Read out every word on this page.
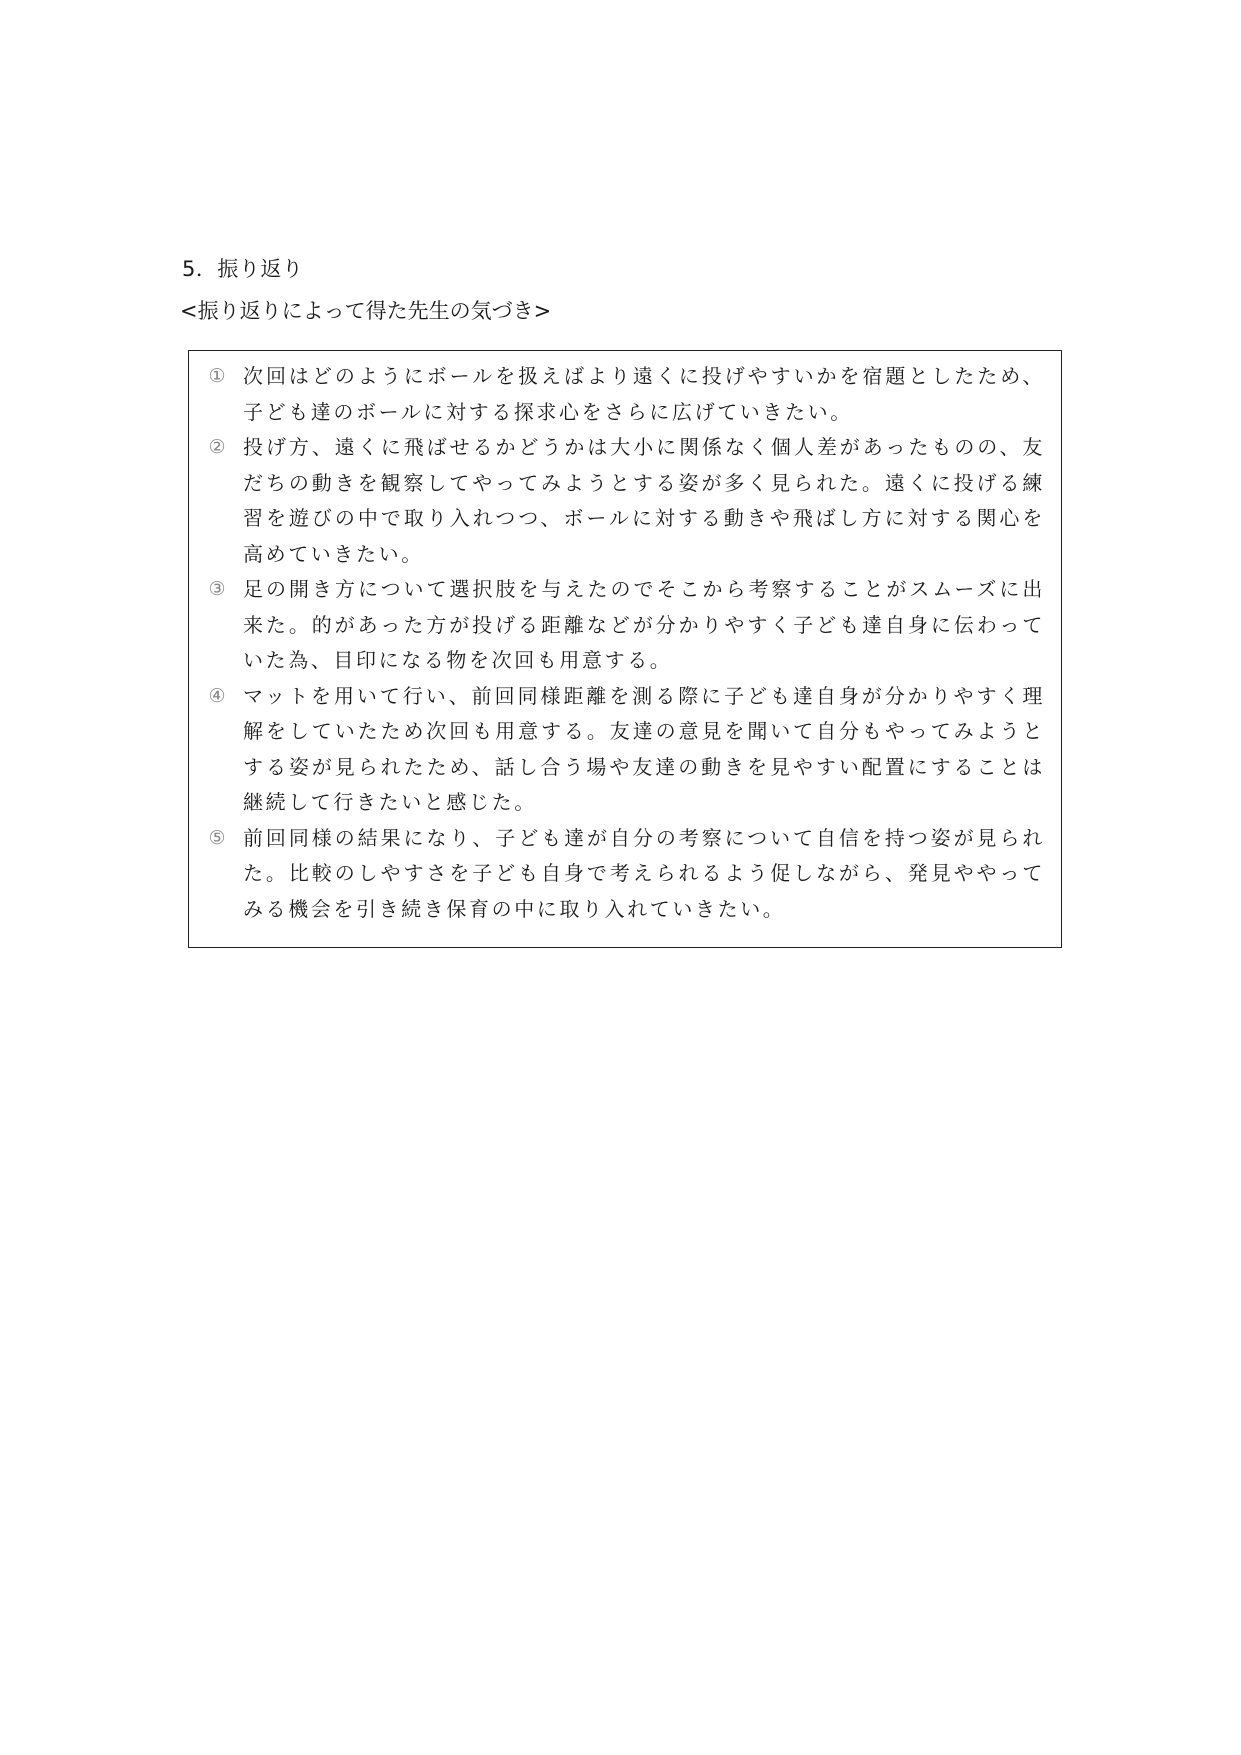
5．振り返り
<振り返りによって得た先生の気づき>
① 次回はどのようにボールを扱えばより遠くに投げやすいかを宿題としたため、子ども達のボールに対する探求心をさらに広げていきたい。
② 投げ方、遠くに飛ばせるかどうかは大小に関係なく個人差があったものの、友だちの動きを観察してやってみようとする姿が多く見られた。遠くに投げる練習を遊びの中で取り入れつつ、ボールに対する動きや飛ばし方に対する関心を高めていきたい。
③ 足の開き方について選択肢を与えたのでそこから考察することがスムーズに出来た。的があった方が投げる距離などが分かりやすく子ども達自身に伝わっていた為、目印になる物を次回も用意する。
④ マットを用いて行い、前回同様距離を測る際に子ども達自身が分かりやすく理解をしていたため次回も用意する。友達の意見を聞いて自分もやってみようとする姿が見られたため、話し合う場や友達の動きを見やすい配置にすることは継続して行きたいと感じた。
⑤ 前回同様の結果になり、子ども達が自分の考察について自信を持つ姿が見られた。比較のしやすさを子ども自身で考えられるよう促しながら、発見ややってみる機会を引き続き保育の中に取り入れていきたい。
